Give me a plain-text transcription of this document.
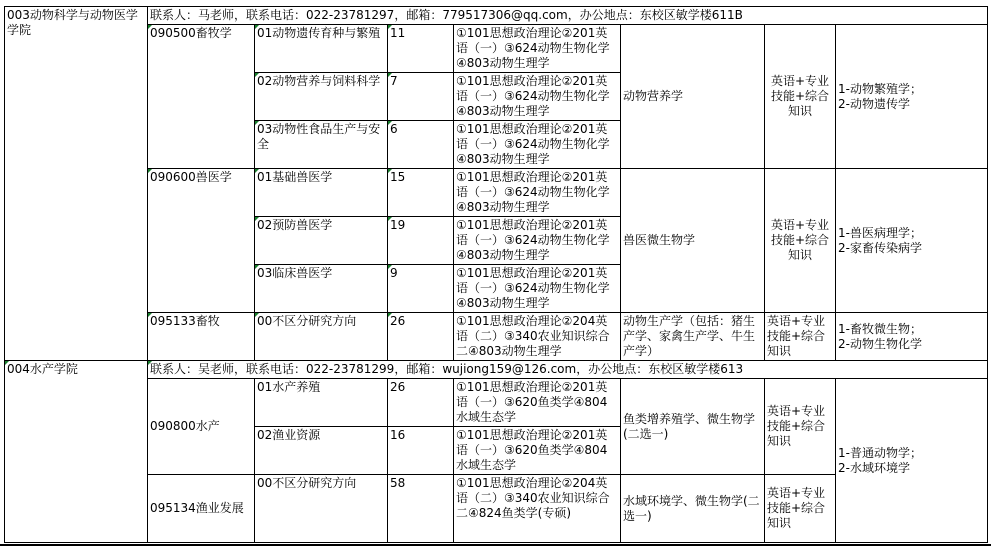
003动物科学与动物医学学院	联系人：马老师，联系电话：022-23781297，邮箱：779517306@qq.com，办公地点：东校区敏学楼611B						
	090500畜牧学	01动物遗传育种与繁殖	11	①101思想政治理论②201英语（一）③624动物生物化学④803动物生理学	动物营养学	英语+专业技能+综合知识	1-动物繁殖学；
2-动物遗传学
		02动物营养与饲料科学	7	①101思想政治理论②201英语（一）③624动物生物化学④803动物生理学			
		03动物性食品生产与安全	6	①101思想政治理论②201英语（一）③624动物生物化学④803动物生理学			
	090600兽医学	01基础兽医学	15	①101思想政治理论②201英语（一）③624动物生物化学④803动物生理学	兽医微生物学	英语+专业技能+综合知识	1-兽医病理学；
2-家畜传染病学
		02预防兽医学	19	①101思想政治理论②201英语（一）③624动物生物化学④803动物生理学			
		03临床兽医学	9	①101思想政治理论②201英语（一）③624动物生物化学④803动物生理学			
	095133畜牧	00不区分研究方向	26	①101思想政治理论②204英语（二）③340农业知识综合二④803动物生理学	动物生产学（包括：猪生产学、家禽生产学、牛生产学）	英语+专业技能+综合知识	1-畜牧微生物；
2-动物生物化学
004水产学院	联系人：吴老师，联系电话：022-23781299，邮箱：wujiong159@126.com，办公地点：东校区敏学楼613						
	090800水产	01水产养殖	26	①101思想政治理论②201英语（一）③620鱼类学④804水域生态学	鱼类增养殖学、微生物学(二选一)	英语+专业技能+综合知识	1-普通动物学；
2-水域环境学
		02渔业资源	16	①101思想政治理论②201英语（一）③620鱼类学④804水域生态学			
	095134渔业发展	00不区分研究方向	58	①101思想政治理论②204英语（二）③340农业知识综合二④824鱼类学(专硕)	水域环境学、微生物学(二选一)	英语+专业技能+综合知识	
